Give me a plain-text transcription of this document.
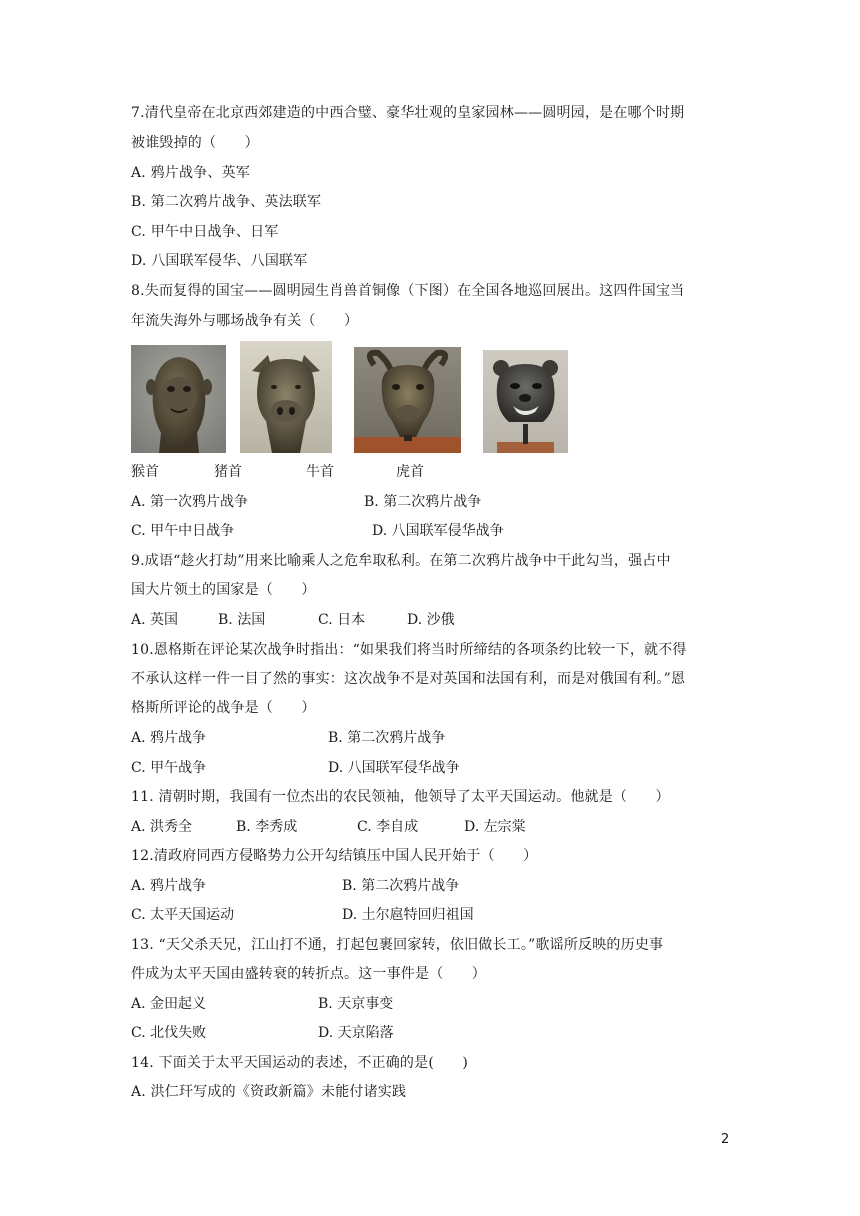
7.清代皇帝在北京西郊建造的中西合璧、豪华壮观的皇家园林——圆明园，是在哪个时期
被谁毁掉的（　　）
A. 鸦片战争、英军
B. 第二次鸦片战争、英法联军
C. 甲午中日战争、日军
D. 八国联军侵华、八国联军
8.失而复得的国宝——圆明园生肖兽首铜像（下图）在全国各地巡回展出。这四件国宝当
年流失海外与哪场战争有关（　　）
猴首	猪首	牛首	虎首
A. 第一次鸦片战争	B. 第二次鸦片战争
C. 甲午中日战争	D. 八国联军侵华战争
9.成语“趁火打劫”用来比喻乘人之危牟取私利。在第二次鸦片战争中干此勾当，强占中
国大片领土的国家是（　　）
A. 英国	B. 法国	C. 日本	D. 沙俄
10.恩格斯在评论某次战争时指出：“如果我们将当时所缔结的各项条约比较一下，就不得
不承认这样一件一目了然的事实：这次战争不是对英国和法国有利，而是对俄国有利。”恩
格斯所评论的战争是（　　）
A. 鸦片战争	B. 第二次鸦片战争
C. 甲午战争	D. 八国联军侵华战争
11. 清朝时期，我国有一位杰出的农民领袖，他领导了太平天国运动。他就是（　　）
A. 洪秀全	B. 李秀成	C. 李自成	D. 左宗棠
12.清政府同西方侵略势力公开勾结镇压中国人民开始于（　　）
A. 鸦片战争	B. 第二次鸦片战争
C. 太平天国运动	D. 土尔扈特回归祖国
13. “天父杀天兄，江山打不通，打起包裹回家转，依旧做长工。”歌谣所反映的历史事
件成为太平天国由盛转衰的转折点。这一事件是（　　）
A. 金田起义	B. 天京事变
C. 北伐失败	D. 天京陷落
14. 下面关于太平天国运动的表述，不正确的是(　　)
A. 洪仁玕写成的《资政新篇》未能付诸实践
2
